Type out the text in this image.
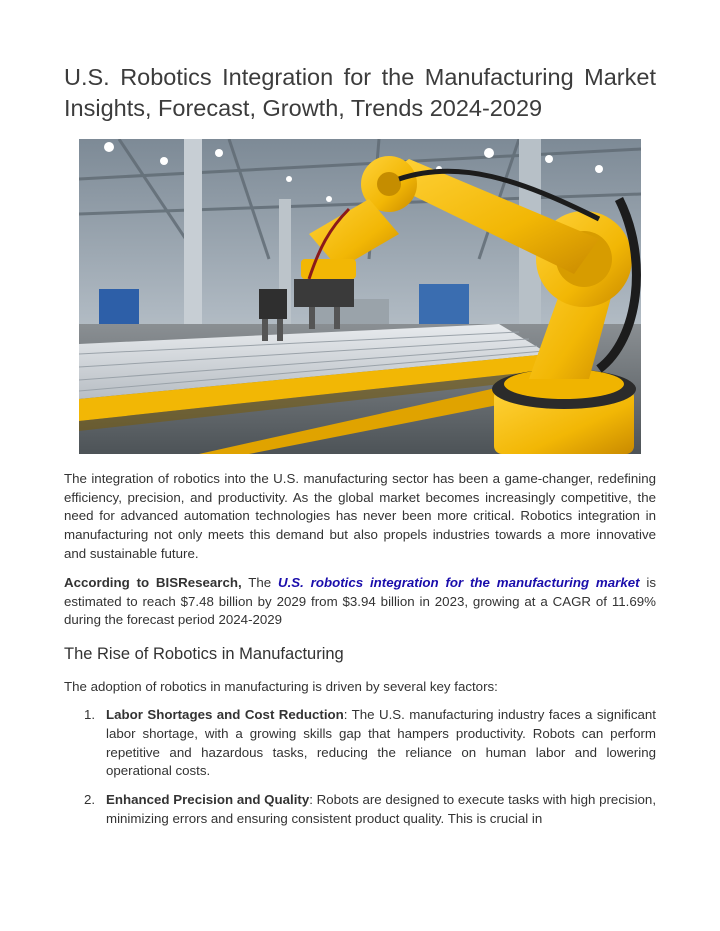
U.S. Robotics Integration for the Manufacturing Market Insights, Forecast, Growth, Trends 2024-2029

The integration of robotics into the U.S. manufacturing sector has been a game-changer, redefining efficiency, precision, and productivity. As the global market becomes increasingly competitive, the need for advanced automation technologies has never been more critical. Robotics integration in manufacturing not only meets this demand but also propels industries towards a more innovative and sustainable future.

According to BISResearch, The U.S. robotics integration for the manufacturing market is estimated to reach $7.48 billion by 2029 from $3.94 billion in 2023, growing at a CAGR of 11.69% during the forecast period 2024-2029

The Rise of Robotics in Manufacturing

The adoption of robotics in manufacturing is driven by several key factors:

1. Labor Shortages and Cost Reduction: The U.S. manufacturing industry faces a significant labor shortage, with a growing skills gap that hampers productivity. Robots can perform repetitive and hazardous tasks, reducing the reliance on human labor and lowering operational costs.
2. Enhanced Precision and Quality: Robots are designed to execute tasks with high precision, minimizing errors and ensuring consistent product quality. This is crucial in
